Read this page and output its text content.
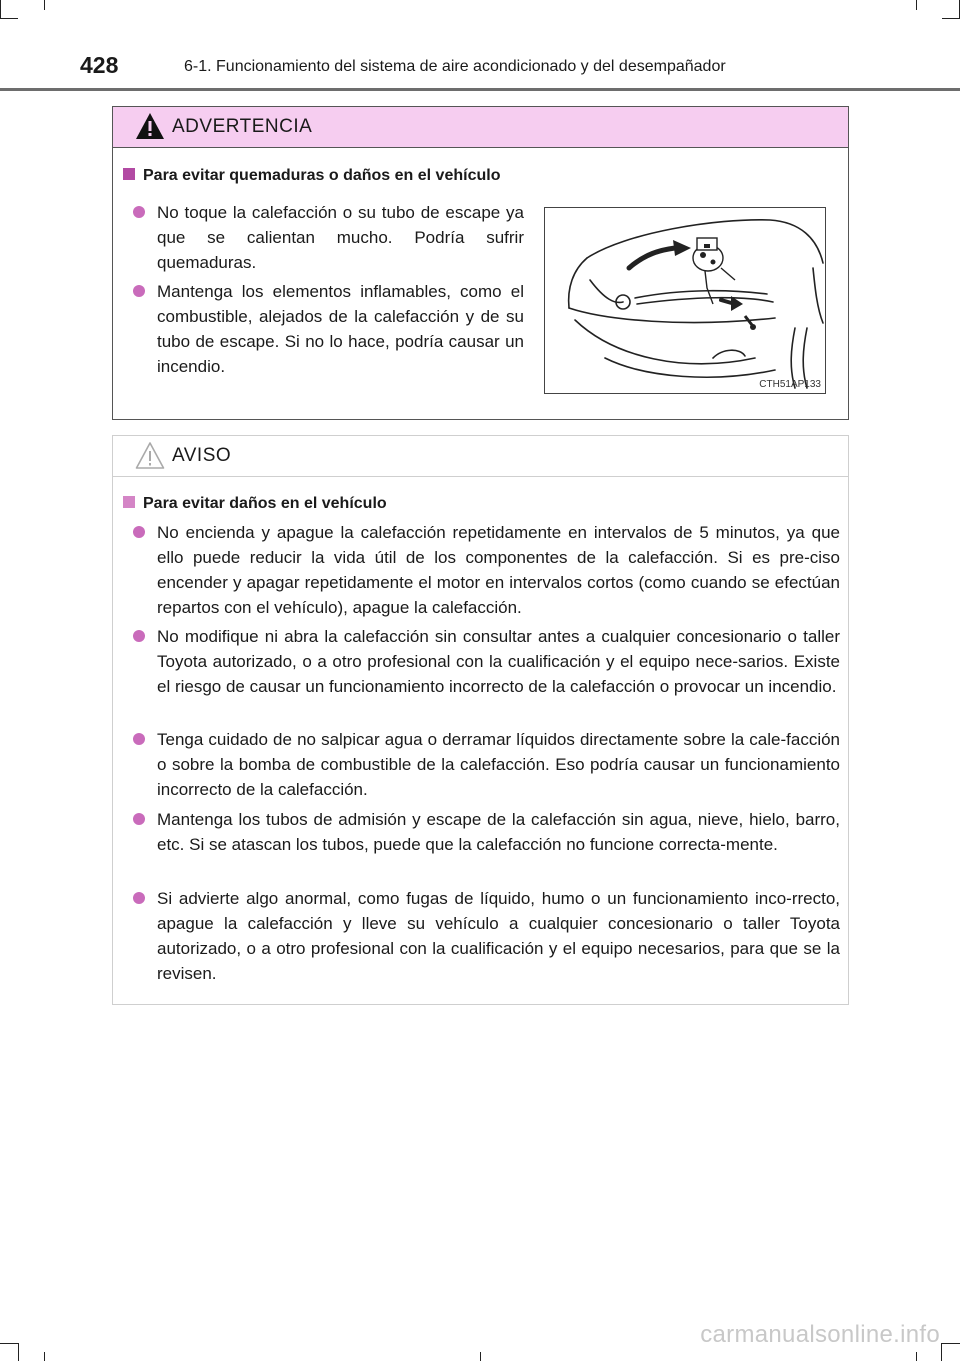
428	6-1. Funcionamiento del sistema de aire acondicionado y del desempañador
ADVERTENCIA
Para evitar quemaduras o daños en el vehículo
No toque la calefacción o su tubo de escape ya que se calientan mucho. Podría sufrir quemaduras.
Mantenga los elementos inflamables, como el combustible, alejados de la calefacción y de su tubo de escape. Si no lo hace, podría causar un incendio.
CTH51AP133
AVISO
Para evitar daños en el vehículo
No encienda y apague la calefacción repetidamente en intervalos de 5 minutos, ya que ello puede reducir la vida útil de los componentes de la calefacción. Si es pre-ciso encender y apagar repetidamente el motor en intervalos cortos (como cuando se efectúan repartos con el vehículo), apague la calefacción.
No modifique ni abra la calefacción sin consultar antes a cualquier concesionario o taller Toyota autorizado, o a otro profesional con la cualificación y el equipo nece-sarios. Existe el riesgo de causar un funcionamiento incorrecto de la calefacción o provocar un incendio.
Tenga cuidado de no salpicar agua o derramar líquidos directamente sobre la cale-facción o sobre la bomba de combustible de la calefacción. Eso podría causar un funcionamiento incorrecto de la calefacción.
Mantenga los tubos de admisión y escape de la calefacción sin agua, nieve, hielo, barro, etc. Si se atascan los tubos, puede que la calefacción no funcione correcta-mente.
Si advierte algo anormal, como fugas de líquido, humo o un funcionamiento inco-rrecto, apague la calefacción y lleve su vehículo a cualquier concesionario o taller Toyota autorizado, o a otro profesional con la cualificación y el equipo necesarios, para que se la revisen.
carmanualsonline.info
